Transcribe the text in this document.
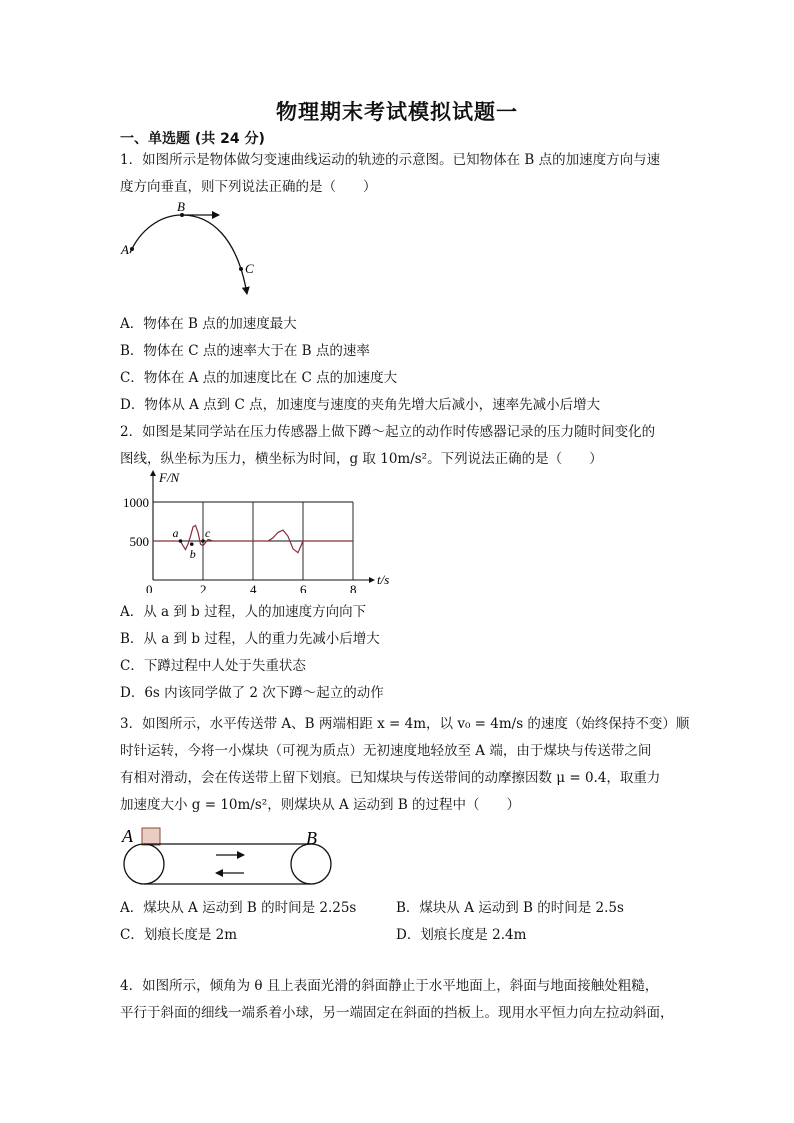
物理期末考试模拟试题一
一、单选题 (共 24 分)
1．如图所示是物体做匀变速曲线运动的轨迹的示意图。已知物体在 B 点的加速度方向与速
度方向垂直，则下列说法正确的是（　　）
A
B
C
A．物体在 B 点的加速度最大
B．物体在 C 点的速率大于在 B 点的速率
C．物体在 A 点的加速度比在 C 点的加速度大
D．物体从 A 点到 C 点，加速度与速度的夹角先增大后减小，速率先减小后增大
2．如图是某同学站在压力传感器上做下蹲～起立的动作时传感器记录的压力随时间变化的
图线，纵坐标为压力，横坐标为时间，g 取 10m/s²。下列说法正确的是（　　）
0	2	4	6	8
500
1000
a
b
c
F/N
t/s
A．从 a 到 b 过程，人的加速度方向向下
B．从 a 到 b 过程，人的重力先减小后增大
C．下蹲过程中人处于失重状态
D．6s 内该同学做了 2 次下蹲～起立的动作
3．如图所示，水平传送带 A、B 两端相距 x = 4m，以 v₀ = 4m/s 的速度（始终保持不变）顺
时针运转，今将一小煤块（可视为质点）无初速度地轻放至 A 端，由于煤块与传送带之间
有相对滑动，会在传送带上留下划痕。已知煤块与传送带间的动摩擦因数 μ = 0.4，取重力
加速度大小 g = 10m/s²，则煤块从 A 运动到 B 的过程中（　　）
A	B
A．煤块从 A 运动到 B 的时间是 2.25s	B．煤块从 A 运动到 B 的时间是 2.5s
C．划痕长度是 2m	D．划痕长度是 2.4m
4．如图所示，倾角为 θ 且上表面光滑的斜面静止于水平地面上，斜面与地面接触处粗糙，
平行于斜面的细线一端系着小球，另一端固定在斜面的挡板上。现用水平恒力向左拉动斜面，
